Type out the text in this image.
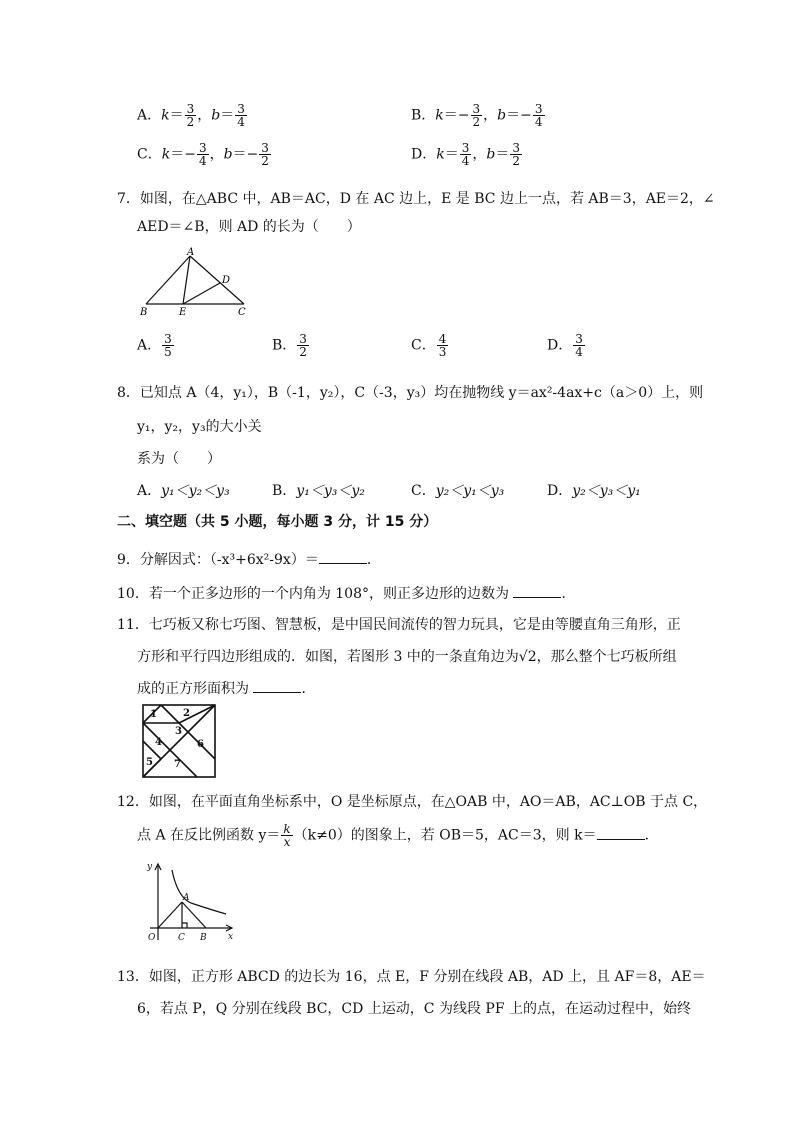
A．$k= \frac{3}{2}$ ，$b= \frac{3}{4}$	B．$k=- \frac{3}{2}$ ，$b=- \frac{3}{4}$
C．$k=- \frac{3}{4}$ ，$b=- \frac{3}{2}$	D．$k= \frac{3}{4}$ ，$b= \frac{3}{2}$
7．如图，在△ABC 中，AB＝AC，D 在 AC 边上，E 是 BC 边上一点，若 AB＝3，AE＝2，∠
AED＝∠B，则 AD 的长为（　　）
A
B	C
D
E
A． $\frac{3}{5}$	B． $\frac{3}{2}$	C． $\frac{4}{3}$	D． $\frac{3}{4}$
8．已知点 A（4，y₁），B（-1，y₂），C（-3，y₃）均在抛物线 y＝ax²-4ax+c（a＞0）上，则
y₁，y₂，y₃的大小关
系为（　　）
A．y₁＜y₂＜y₃	B．y₁＜y₃＜y₂	C．y₂＜y₁＜y₃	D．y₂＜y₃＜y₁
二、填空题（共 5 小题，每小题 3 分，计 15 分）
9．分解因式：（-x³+6x²-9x）＝	．
10．若一个正多边形的一个内角为 108°，则正多边形的边数为	．
11．七巧板又称七巧图、智慧板，是中国民间流传的智力玩具，它是由等腰直角三角形，正
方形和平行四边形组成的．如图，若图形 3 中的一条直角边为√2，那么整个七巧板所组
成的正方形面积为	．
1	2
3
4
5
6
7
12．如图，在平面直角坐标系中，O 是坐标原点，在△OAB 中，AO＝AB，AC⊥OB 于点 C，
点 A 在反比例函数 $y= \frac{k}{x} (k\ne 0)$的图象上，若 OB＝5，AC＝3，则 k＝	．
y
x
O
A
C B
13．如图，正方形 ABCD 的边长为 16，点 E，F 分别在线段 AB，AD 上，且 AF＝8，AE＝
6，若点 P，Q 分别在线段 BC，CD 上运动，C 为线段 PF 上的点，在运动过程中，始终
